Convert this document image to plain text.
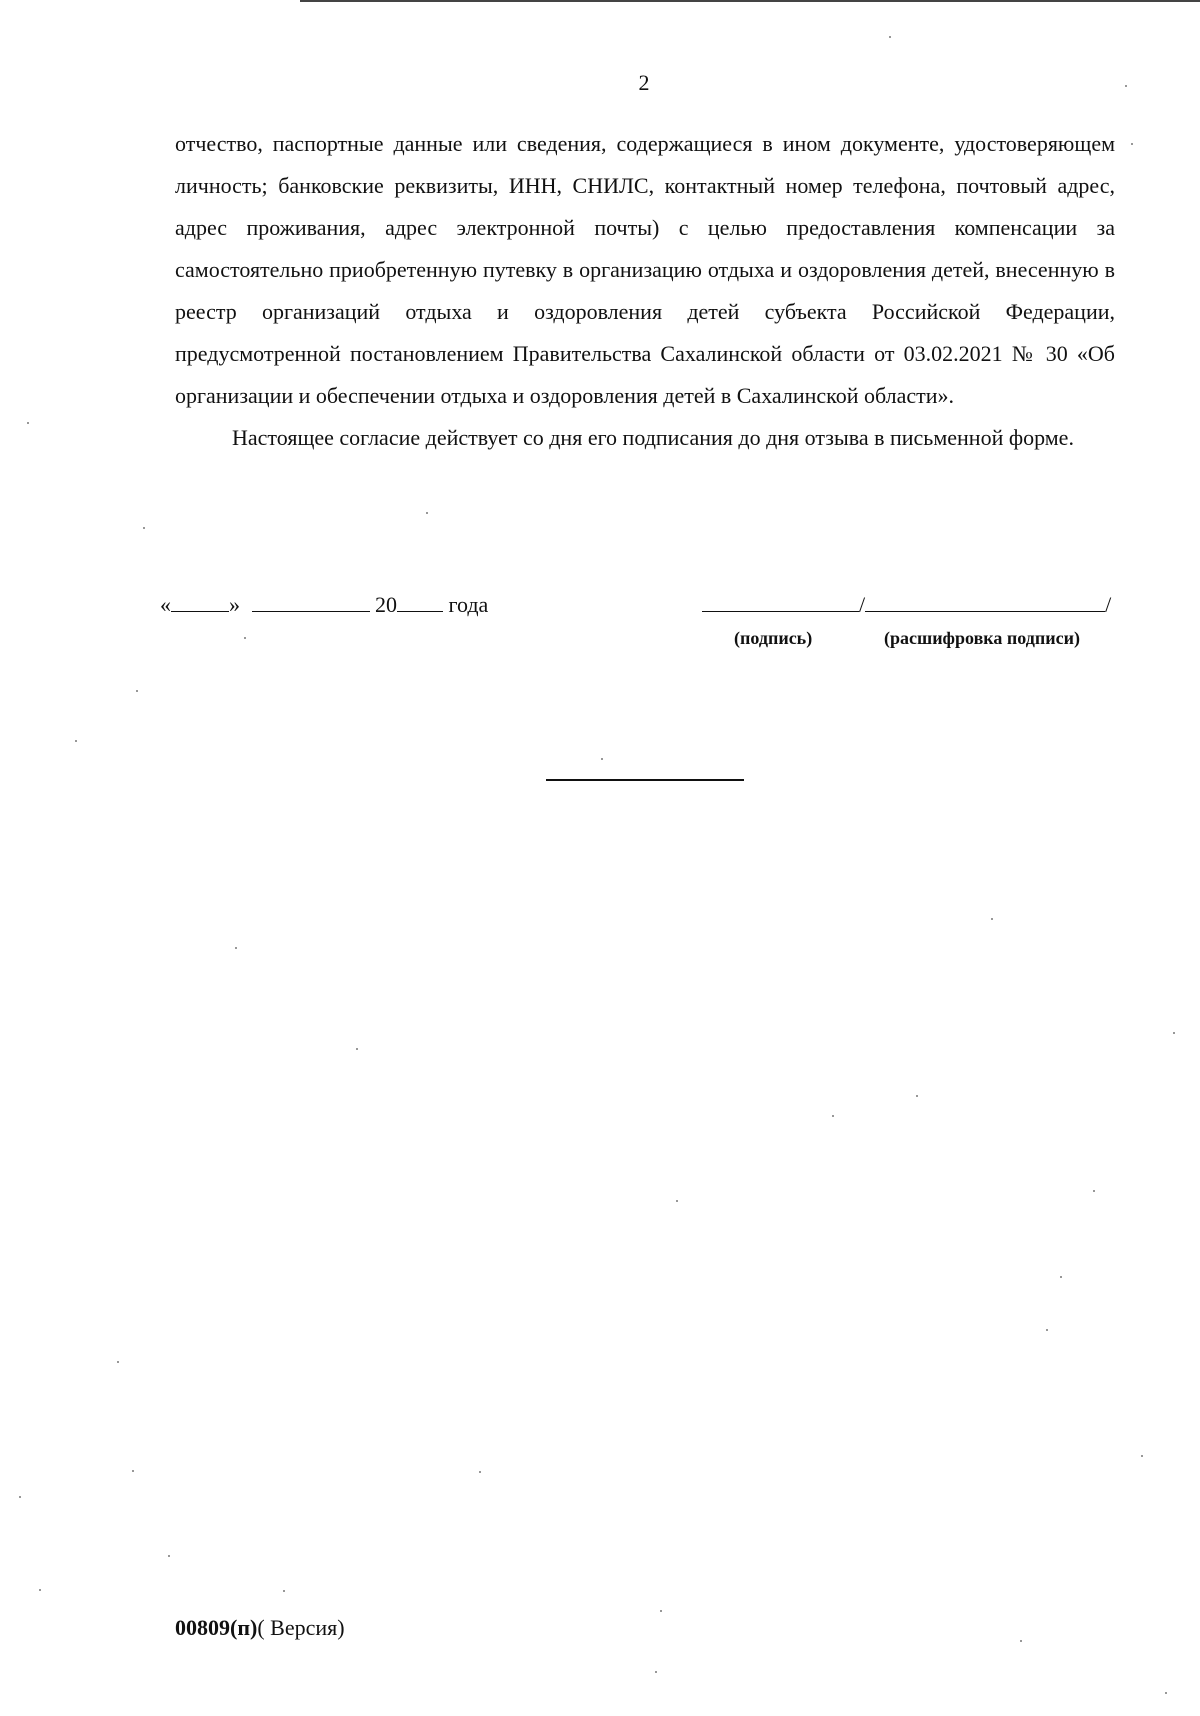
2

отчество, паспортные данные или сведения, содержащиеся в ином документе, удостоверяющем личность; банковские реквизиты, ИНН, СНИЛС, контактный номер телефона, почтовый адрес, адрес проживания, адрес электронной почты) с целью предоставления компенсации за самостоятельно приобретенную путевку в организацию отдыха и оздоровления детей, внесенную в реестр организаций отдыха и оздоровления детей субъекта Российской Федерации, предусмотренной постановлением Правительства Сахалинской области от 03.02.2021 № 30 «Об организации и обеспечении отдыха и оздоровления детей в Сахалинской области».

Настоящее согласие действует со дня его подписания до дня отзыва в письменной форме.

«	»	20 года	/	/
(подпись)	(расшифровка подписи)
00809(п)( Версия)
